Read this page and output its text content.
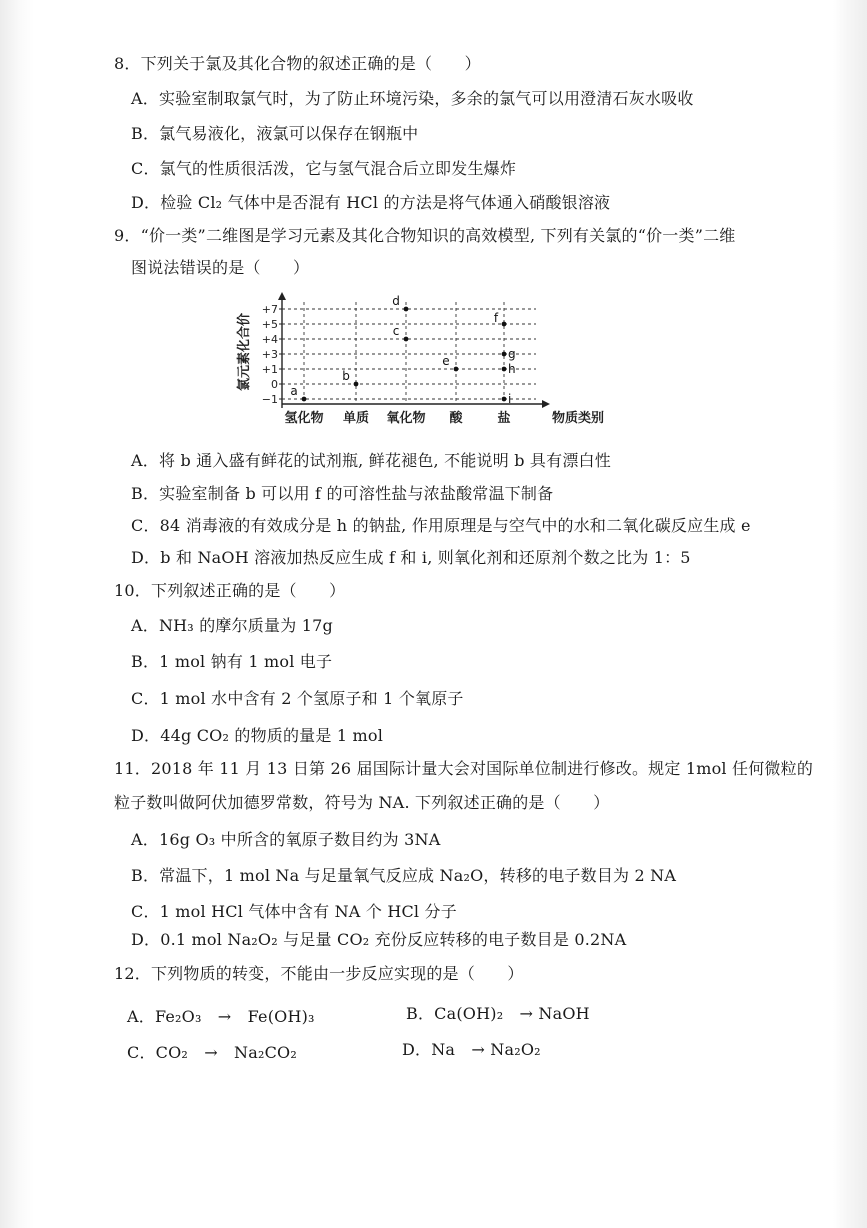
8．下列关于氯及其化合物的叙述正确的是（　　）
A．实验室制取氯气时，为了防止环境污染，多余的氯气可以用澄清石灰水吸收
B．氯气易液化，液氯可以保存在钢瓶中
C．氯气的性质很活泼，它与氢气混合后立即发生爆炸
D．检验 Cl₂ 气体中是否混有 HCl 的方法是将气体通入硝酸银溶液
9．“价一类”二维图是学习元素及其化合物知识的高效模型, 下列有关氯的“价一类”二维
图说法错误的是（　　）
+7
+5
+4
+3
+1
0
−1
氢化物 单质 氧化物 酸	盐	物质类别
氯元素化合价	a
b
c
d
e
f
g
h
i
A．将 b 通入盛有鲜花的试剂瓶, 鲜花褪色, 不能说明 b 具有漂白性
B．实验室制备 b 可以用 f 的可溶性盐与浓盐酸常温下制备
C．84 消毒液的有效成分是 h 的钠盐, 作用原理是与空气中的水和二氧化碳反应生成 e
D．b 和 NaOH 溶液加热反应生成 f 和 i, 则氧化剂和还原剂个数之比为 1：5
10．下列叙述正确的是（　　）
A．NH₃ 的摩尔质量为 17g
B．1 mol 钠有 1 mol 电子
C．1 mol 水中含有 2 个氢原子和 1 个氧原子
D．44g CO₂ 的物质的量是 1 mol
11．2018 年 11 月 13 日第 26 届国际计量大会对国际单位制进行修改。规定 1mol 任何微粒的
粒子数叫做阿伏加德罗常数，符号为 NA. 下列叙述正确的是（　　）
A．16g O₃ 中所含的氧原子数目约为 3NA
B．常温下，1 mol Na 与足量氧气反应成 Na₂O，转移的电子数目为 2 NA
C．1 mol HCl 气体中含有 NA 个 HCl 分子
D．0.1 mol Na₂O₂ 与足量 CO₂ 充份反应转移的电子数目是 0.2NA
12．下列物质的转变，不能由一步反应实现的是（　　）
A．Fe₂O₃　→　Fe(OH)₃	B．Ca(OH)₂　→ NaOH
C．CO₂　→　Na₂CO₂	D．Na　→ Na₂O₂
